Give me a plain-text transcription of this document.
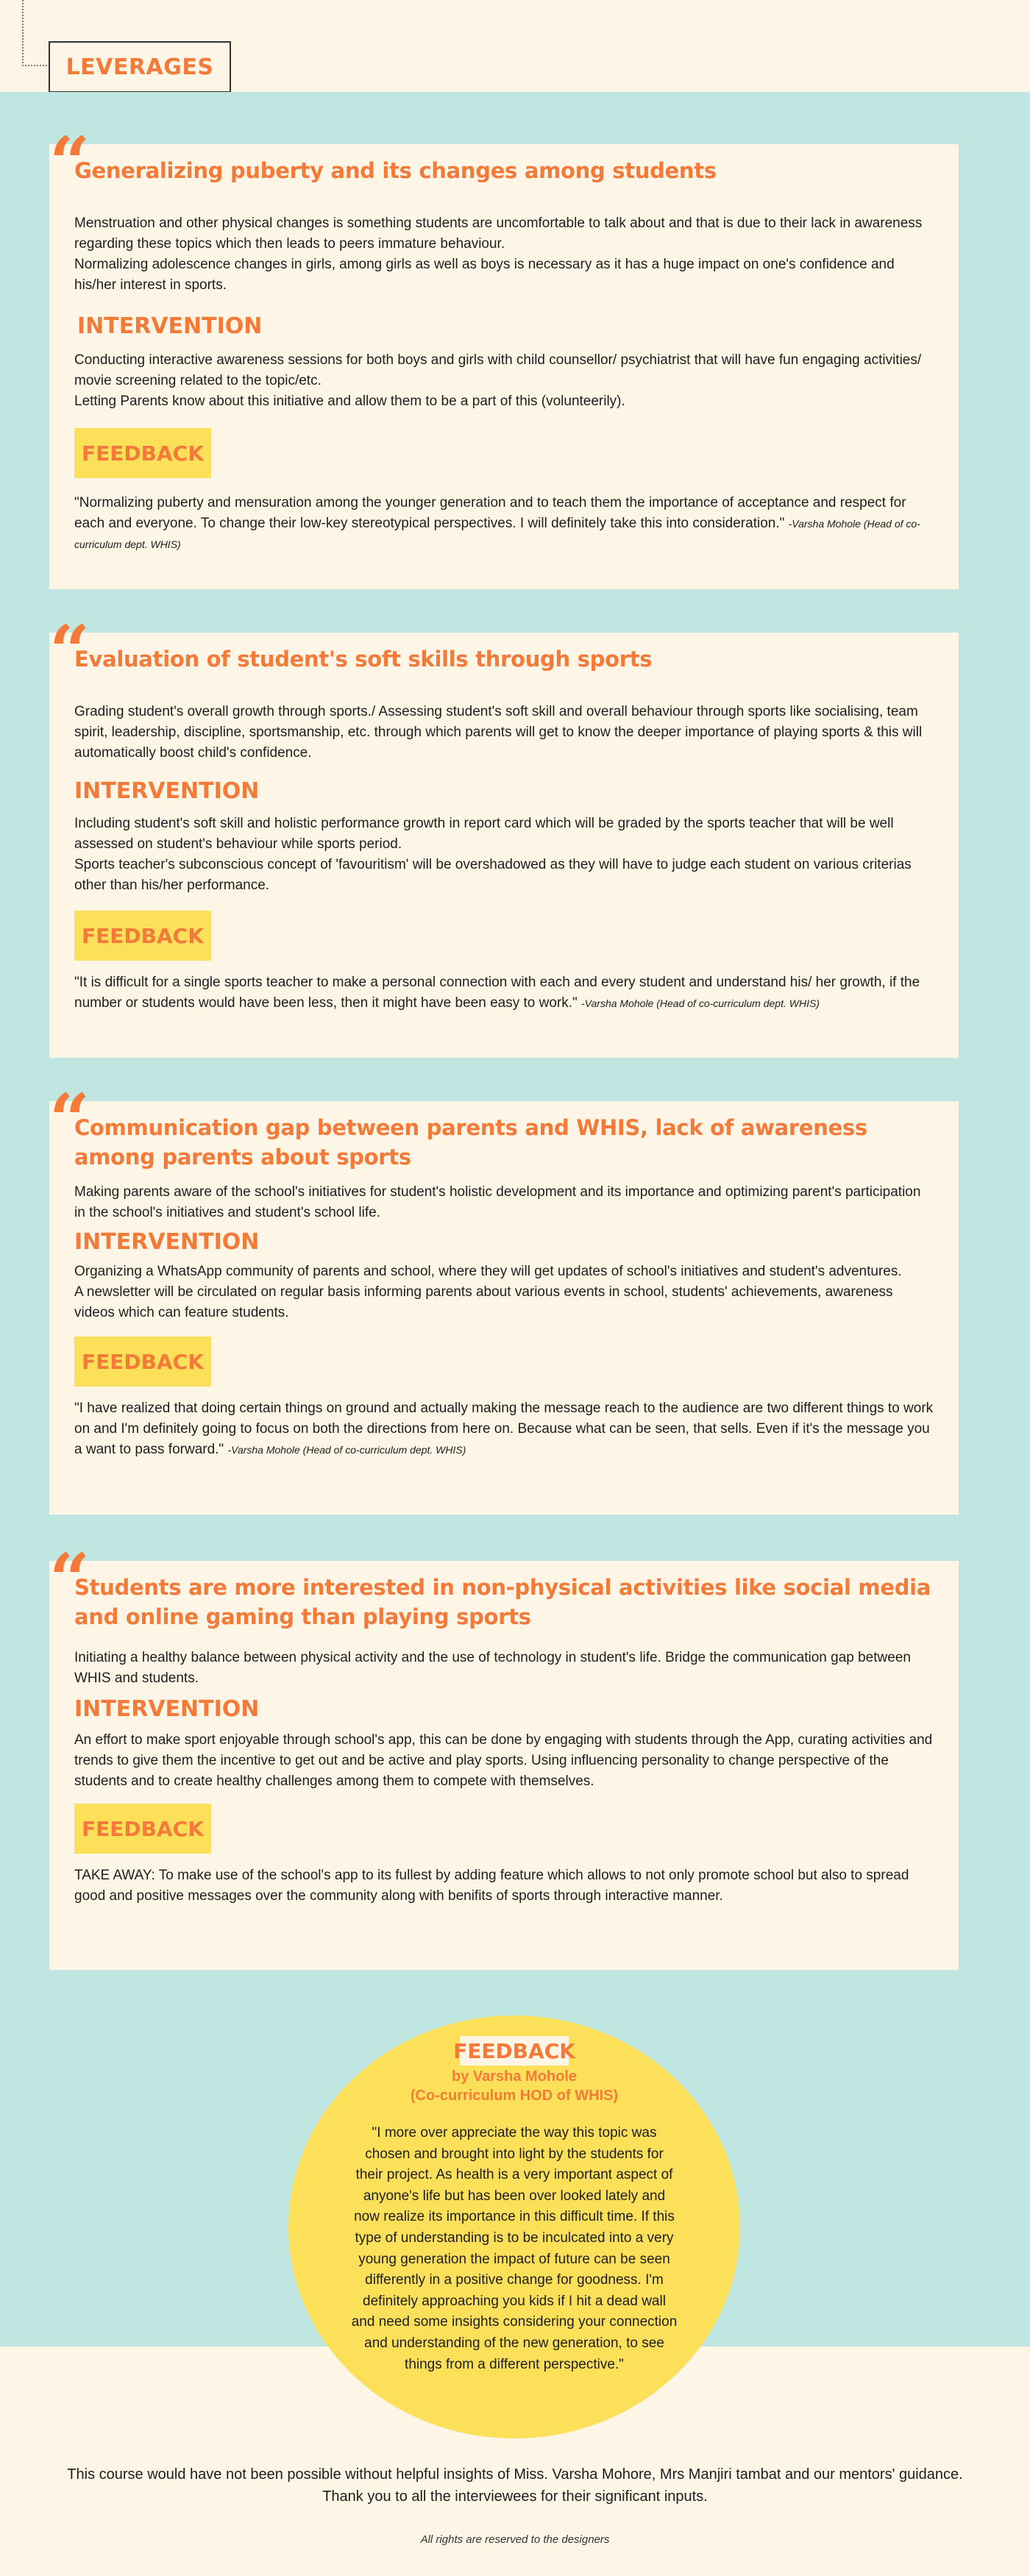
LEVERAGES
“
Generalizing puberty and its changes among students

Menstruation and other physical changes is something students are uncomfortable to talk about and that is due to their lack in awareness regarding these topics which then leads to peers immature behaviour.

Normalizing adolescence changes in girls, among girls as well as boys is necessary as it has a huge impact on one's confidence and his/her interest in sports.

INTERVENTION

Conducting interactive awareness sessions for both boys and girls with child counsellor/ psychiatrist that will have fun engaging activities/ movie screening related to the topic/etc.

Letting Parents know about this initiative and allow them to be a part of this (volunteerily).

FEEDBACK

"Normalizing puberty and mensuration among the younger generation and to teach them the importance of acceptance and respect for each and everyone. To change their low-key stereotypical perspectives. I will definitely take this into consideration." -Varsha Mohole (Head of co-curriculum dept. WHIS)

“
Evaluation of student's soft skills through sports

Grading student's overall growth through sports./ Assessing student's soft skill and overall behaviour through sports like socialising, team spirit, leadership, discipline, sportsmanship, etc. through which parents will get to know the deeper importance of playing sports & this will automatically boost child's confidence.

INTERVENTION

Including student's soft skill and holistic performance growth in report card which will be graded by the sports teacher that will be well assessed on student's behaviour while sports period.

Sports teacher's subconscious concept of 'favouritism' will be overshadowed as they will have to judge each student on various criterias other than his/her performance.

FEEDBACK

"It is difficult for a single sports teacher to make a personal connection with each and every student and understand his/ her growth, if the number or students would have been less, then it might have been easy to work." -Varsha Mohole (Head of co-curriculum dept. WHIS)

“
Communication gap between parents and WHIS, lack of awareness among parents about sports

Making parents aware of the school's initiatives for student's holistic development and its importance and optimizing parent's participation in the school's initiatives and student's school life.

INTERVENTION

Organizing a WhatsApp community of parents and school, where they will get updates of school's initiatives and student's adventures.

A newsletter will be circulated on regular basis informing parents about various events in school, students' achievements, awareness videos which can feature students.

FEEDBACK

"I have realized that doing certain things on ground and actually making the message reach to the audience are two different things to work on and I'm definitely going to focus on both the directions from here on. Because what can be seen, that sells. Even if it's the message you a want to pass forward." -Varsha Mohole (Head of co-curriculum dept. WHIS)

“
Students are more interested in non-physical activities like social media and online gaming than playing sports

Initiating a healthy balance between physical activity and the use of technology in student's life. Bridge the communication gap between WHIS and students.

INTERVENTION

An effort to make sport enjoyable through school's app, this can be done by engaging with students through the App, curating activities and trends to give them the incentive to get out and be active and play sports. Using influencing personality to change perspective of the students and to create healthy challenges among them to compete with themselves.

FEEDBACK

TAKE AWAY: To make use of the school's app to its fullest by adding feature which allows to not only promote school but also to spread good and positive messages over the community along with benifits of sports through interactive manner.

FEEDBACK
by Varsha Mohole
(Co-curriculum HOD of WHIS)
"I more over appreciate the way this topic was chosen and brought into light by the students for their project. As health is a very important aspect of anyone's life but has been over looked lately and now realize its importance in this difficult time. If this type of understanding is to be inculcated into a very young generation the impact of future can be seen differently in a positive change for goodness. I'm definitely approaching you kids if I hit a dead wall and need some insights considering your connection and understanding of the new generation, to see things from a different perspective."
This course would have not been possible without helpful insights of Miss. Varsha Mohore, Mrs Manjiri tambat and our mentors' guidance.
Thank you to all the interviewees for their significant inputs.
All rights are reserved to the designers
